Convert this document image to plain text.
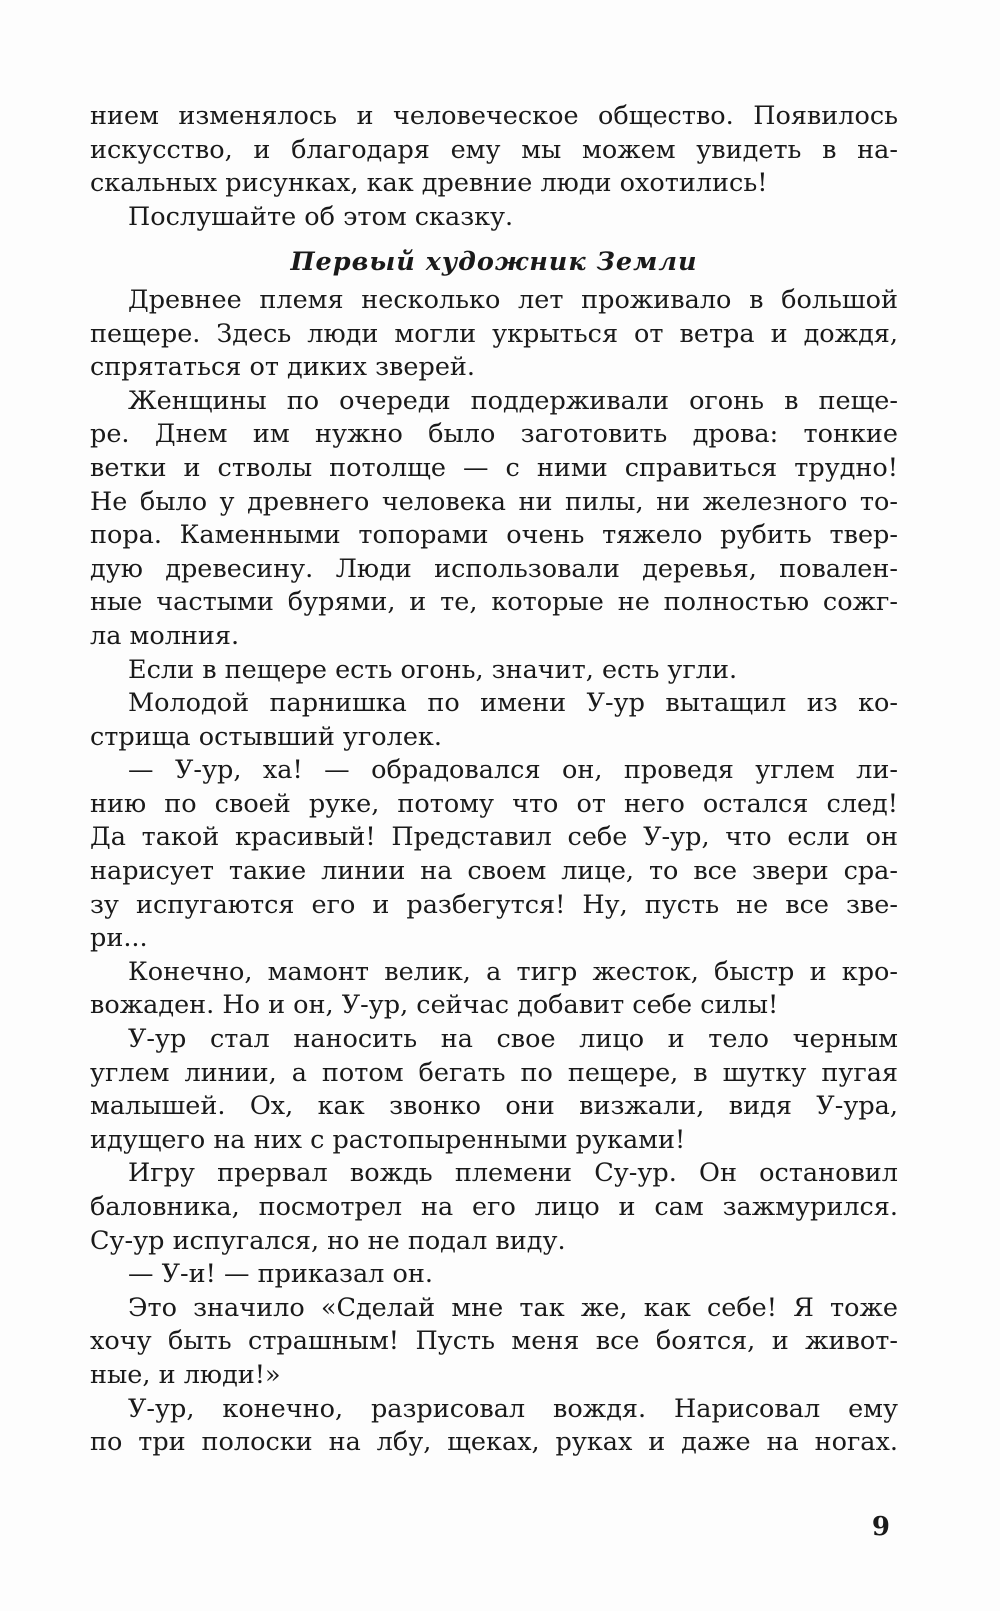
нием изменялось и человеческое общество. Появилось
искусство, и благодаря ему мы можем увидеть в на-
скальных рисунках, как древние люди охотились!
Послушайте об этом сказку.
Первый художник Земли
Древнее племя несколько лет проживало в большой
пещере. Здесь люди могли укрыться от ветра и дождя,
спрятаться от диких зверей.
Женщины по очереди поддерживали огонь в пеще-
ре. Днем им нужно было заготовить дрова: тонкие
ветки и стволы потолще — с ними справиться трудно!
Не было у древнего человека ни пилы, ни железного то-
пора. Каменными топорами очень тяжело рубить твер-
дую древесину. Люди использовали деревья, повален-
ные частыми бурями, и те, которые не полностью сожг-
ла молния.
Если в пещере есть огонь, значит, есть угли.
Молодой парнишка по имени У-ур вытащил из ко-
стрища остывший уголек.
— У-ур, ха! — обрадовался он, проведя углем ли-
нию по своей руке, потому что от него остался след!
Да такой красивый! Представил себе У-ур, что если он
нарисует такие линии на своем лице, то все звери сра-
зу испугаются его и разбегутся! Ну, пусть не все зве-
ри...
Конечно, мамонт велик, а тигр жесток, быстр и кро-
вожаден. Но и он, У-ур, сейчас добавит себе силы!
У-ур стал наносить на свое лицо и тело черным
углем линии, а потом бегать по пещере, в шутку пугая
малышей. Ох, как звонко они визжали, видя У-ура,
идущего на них с растопыренными руками!
Игру прервал вождь племени Су-ур. Он остановил
баловника, посмотрел на его лицо и сам зажмурился.
Су-ур испугался, но не подал виду.
— У-и! — приказал он.
Это значило «Сделай мне так же, как себе! Я тоже
хочу быть страшным! Пусть меня все боятся, и живот-
ные, и люди!»
У-ур, конечно, разрисовал вождя. Нарисовал ему
по три полоски на лбу, щеках, руках и даже на ногах.
9
